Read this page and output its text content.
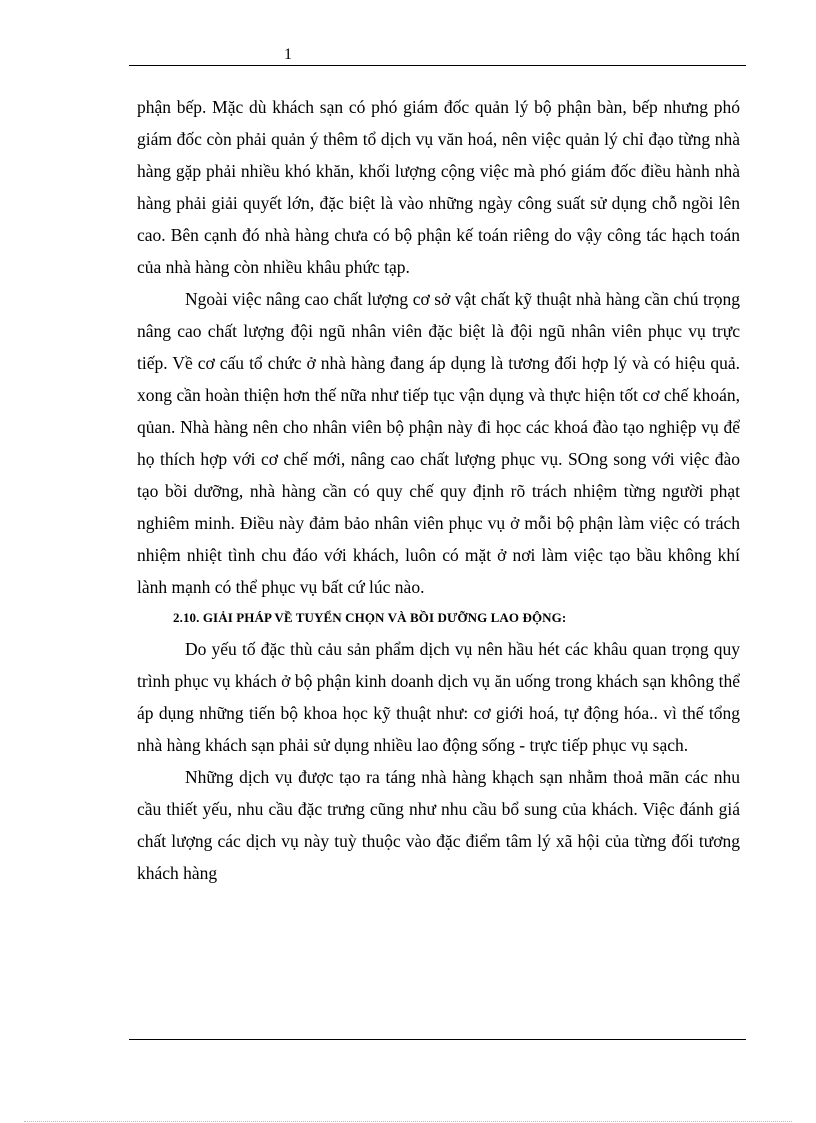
1

phận bếp. Mặc dù khách sạn có phó giám đốc quản lý bộ phận bàn, bếp nhưng phó giám đốc còn phải quản ý thêm tổ dịch vụ văn hoá, nên việc quản lý chỉ đạo từng nhà hàng gặp phải nhiều khó khăn, khối lượng cộng việc mà phó giám đốc điều hành nhà hàng phải giải quyết lớn, đặc biệt là vào những ngày công suất sử dụng chỗ ngồi lên cao. Bên cạnh đó nhà hàng chưa có bộ phận kế toán riêng do vậy công tác hạch toán của nhà hàng còn nhiều khâu phức tạp.

Ngoài việc nâng cao chất lượng cơ sở vật chất kỹ thuật nhà hàng cần chú trọng nâng cao chất lượng đội ngũ nhân viên đặc biệt là đội ngũ nhân viên phục vụ trực tiếp. Về cơ cấu tổ chức ở nhà hàng đang áp dụng là tương đối hợp lý và có hiệu quả. xong cần hoàn thiện hơn thế nữa như tiếp tục vận dụng và thực hiện tốt cơ chế khoán, qủan. Nhà hàng nên cho nhân viên bộ phận này đi học các khoá đào tạo nghiệp vụ để họ thích hợp với cơ chế mới, nâng cao chất lượng phục vụ. SOng song với việc đào tạo bồi dưỡng, nhà hàng cần có quy chế quy định rõ trách nhiệm từng người phạt nghiêm minh. Điều này đảm bảo nhân viên phục vụ ở mỗi bộ phận làm việc có trách nhiệm nhiệt tình chu đáo với khách, luôn có mặt ở nơi làm việc tạo bầu không khí lành mạnh có thể phục vụ bất cứ lúc nào.

2.10. GIẢI PHÁP VỀ TUYỂN CHỌN VÀ BỒI DƯỠNG LAO ĐỘNG:

Do yếu tố đặc thù cảu sản phẩm dịch vụ nên hầu hét các khâu quan trọng quy trình phục vụ khách ở bộ phận kinh doanh dịch vụ ăn uống trong khách sạn không thể áp dụng những tiến bộ khoa học kỹ thuật như: cơ giới hoá, tự động hóa.. vì thế tổng nhà hàng khách sạn phải sử dụng nhiều lao động sống - trực tiếp phục vụ sạch.

Những dịch vụ được tạo ra táng nhà hàng khạch sạn nhằm thoả mãn các nhu cầu thiết yếu, nhu cầu đặc trưng cũng như nhu cầu bổ sung của khách. Việc đánh giá chất lượng các dịch vụ này tuỳ thuộc vào đặc điểm tâm lý xã hội của từng đối tương khách hàng
